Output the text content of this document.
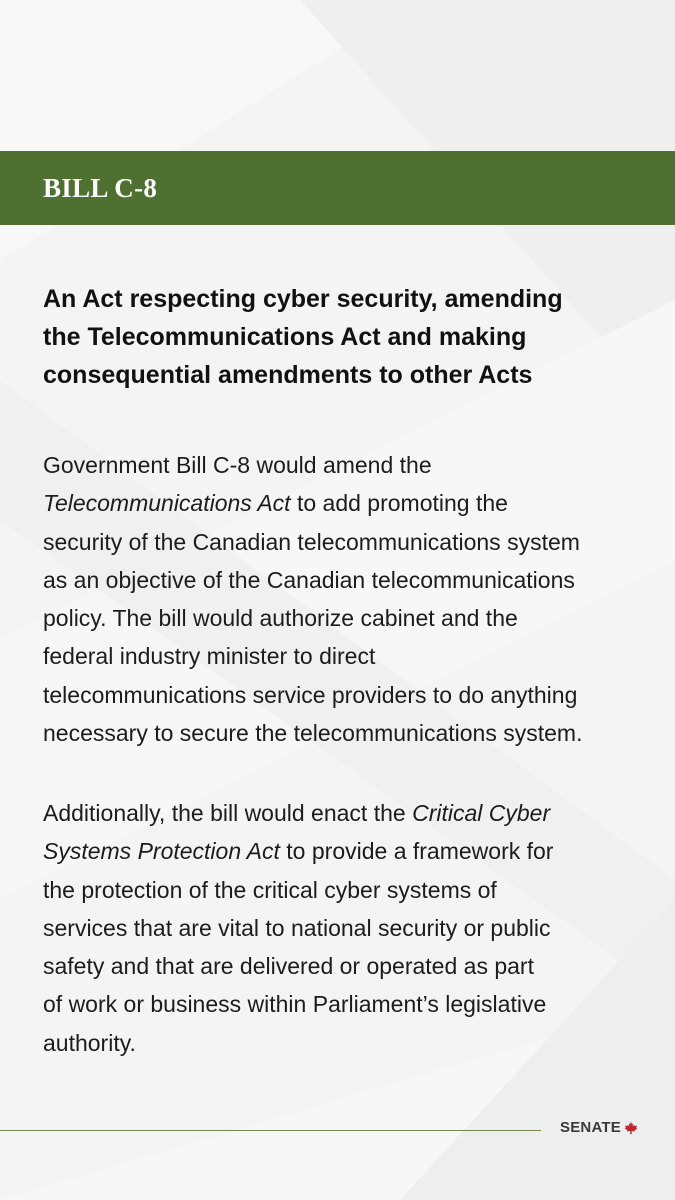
BILL C-8
An Act respecting cyber security, amending
the Telecommunications Act and making
consequential amendments to other Acts
Government Bill C-8 would amend the
Telecommunications Act to add promoting the
security of the Canadian telecommunications system
as an objective of the Canadian telecommunications
policy. The bill would authorize cabinet and the
federal industry minister to direct
telecommunications service providers to do anything
necessary to secure the telecommunications system.
Additionally, the bill would enact the Critical Cyber
Systems Protection Act to provide a framework for
the protection of the critical cyber systems of
services that are vital to national security or public
safety and that are delivered or operated as part
of work or business within Parliament’s legislative
authority.
SENATE
